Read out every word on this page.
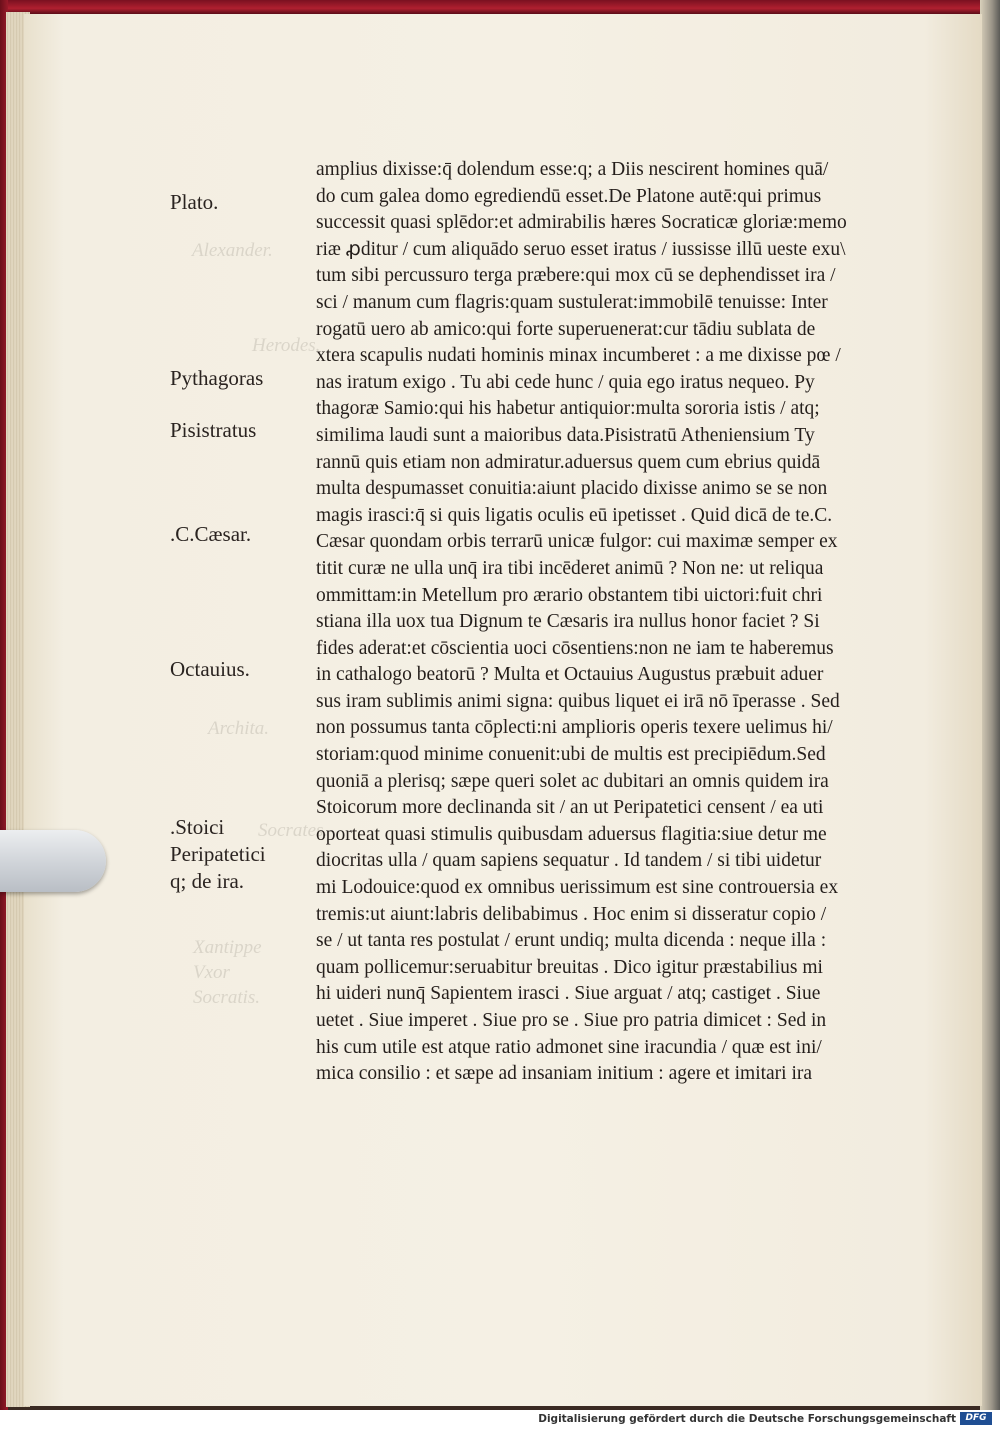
Alexander.
Herodes.
Archita.
Socrates.
Xantippe
Vxor
Socratis.
Plato.
Pythagoras
Pisistratus
.C.Cæsar.
Octauius.
.Stoici
Peripatetici
q; de ira.
amplius dixisse:q̄ dolendum esse:q; a Diis nescirent homines quā/
do cum galea domo egrediendū esset.De Platone autē:qui primus
successit quasi splēdor:et admirabilis hæres Socraticæ gloriæ:memo
riæ ꝓditur / cum aliquādo seruo esset iratus / iussisse illū ueste exu\
tum sibi percussuro terga præbere:qui mox cū se dephendisset ira /
sci / manum cum flagris:quam sustulerat:immobilē tenuisse: Inter
rogatū uero ab amico:qui forte superuenerat:cur tādiu sublata de
xtera scapulis nudati hominis minax incumberet : a me dixisse pœ /
nas iratum exigo . Tu abi cede hunc / quia ego iratus nequeo. Py
thagoræ Samio:qui his habetur antiquior:multa sororia istis / atq;
similima laudi sunt a maioribus data.Pisistratū Atheniensium Ty
rannū quis etiam non admiratur.aduersus quem cum ebrius quidā
multa despumasset conuitia:aiunt placido dixisse animo se se non
magis irasci:q̄ si quis ligatis oculis eū ipetisset . Quid dicā de te.C.
Cæsar quondam orbis terrarū unicæ fulgor: cui maximæ semper ex
titit curæ ne ulla unq̄ ira tibi incēderet animū ? Non ne: ut reliqua
ommittam:in Metellum pro ærario obstantem tibi uictori:fuit chri
stiana illa uox tua Dignum te Cæsaris ira nullus honor faciet ? Si
fides aderat:et cōscientia uoci cōsentiens:non ne iam te haberemus
in cathalogo beatorū ? Multa et Octauius Augustus præbuit aduer
sus iram sublimis animi signa: quibus liquet ei irā nō īperasse . Sed
non possumus tanta cōplecti:ni amplioris operis texere uelimus hi/
storiam:quod minime conuenit:ubi de multis est precipiēdum.Sed
quoniā a plerisq; sæpe queri solet ac dubitari an omnis quidem ira
Stoicorum more declinanda sit / an ut Peripatetici censent / ea uti
oporteat quasi stimulis quibusdam aduersus flagitia:siue detur me
diocritas ulla / quam sapiens sequatur . Id tandem / si tibi uidetur
mi Lodouice:quod ex omnibus uerissimum est sine controuersia ex
tremis:ut aiunt:labris delibabimus . Hoc enim si disseratur copio /
se / ut tanta res postulat / erunt undiq; multa dicenda : neque illa :
quam pollicemur:seruabitur breuitas . Dico igitur præstabilius mi
hi uideri nunq̄ Sapientem irasci . Siue arguat / atq; castiget . Siue
uetet . Siue imperet . Siue pro se . Siue pro patria dimicet : Sed in
his cum utile est atque ratio admonet sine iracundia / quæ est ini/
mica consilio : et sæpe ad insaniam initium : agere et imitari ira
Digitalisierung gefördert durch die Deutsche Forschungsgemeinschaft	DFG
